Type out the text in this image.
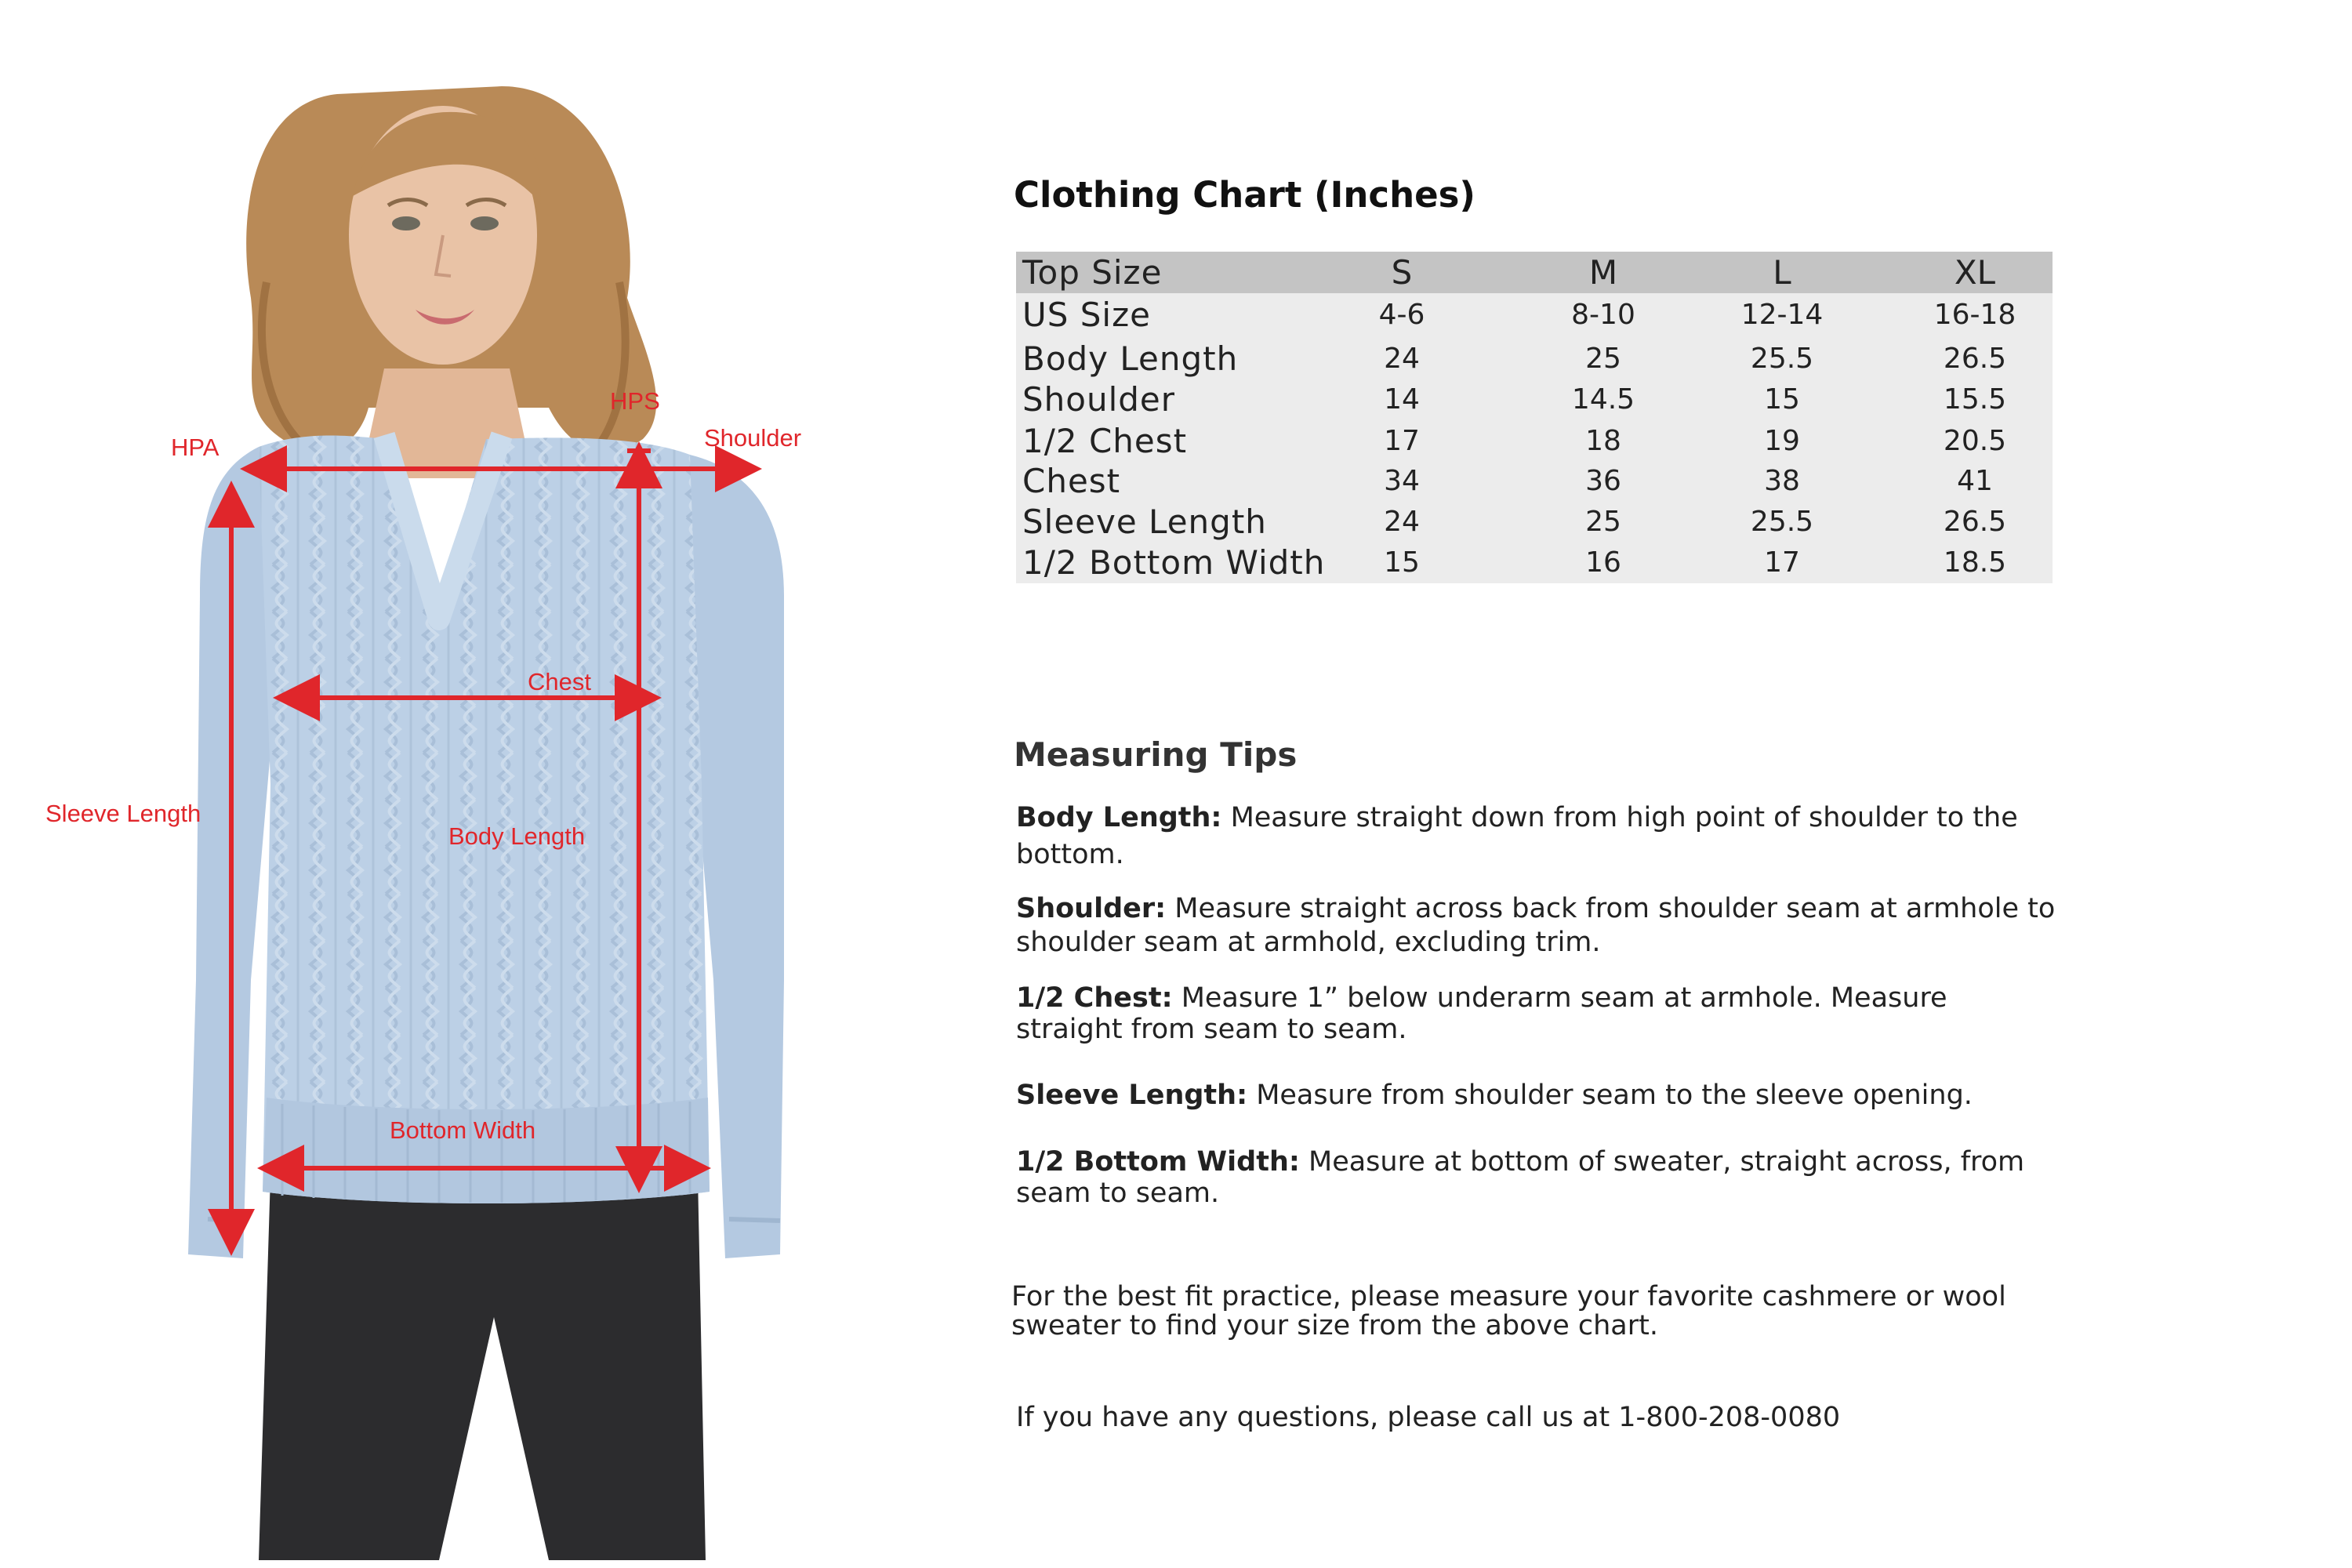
HPA
HPS
Shoulder
Chest
Sleeve Length
Body Length
Bottom Width
Clothing Chart (Inches)
Top Size	S	M	L	XL
US Size	4-6	8-10	12-14	16-18
Body Length	24	25	25.5	26.5
Shoulder	14	14.5	15	15.5
1/2 Chest	17	18	19	20.5
Chest	34	36	38	41
Sleeve Length	24	25	25.5	26.5
1/2 Bottom Width 15	16	17	18.5
Measuring Tips
Body Length: Measure straight down from high point of shoulder to the bottom.
Shoulder: Measure straight across back from shoulder seam at armhole to shoulder seam at armhold, excluding trim.
1/2 Chest: Measure 1” below underarm seam at armhole. Measure straight from seam to seam.
Sleeve Length: Measure from shoulder seam to the sleeve opening.
1/2 Bottom Width: Measure at bottom of sweater, straight across, from seam to seam.
For the best fit practice, please measure your favorite cashmere or wool sweater to find your size from the above chart.
If you have any questions, please call us at 1-800-208-0080
